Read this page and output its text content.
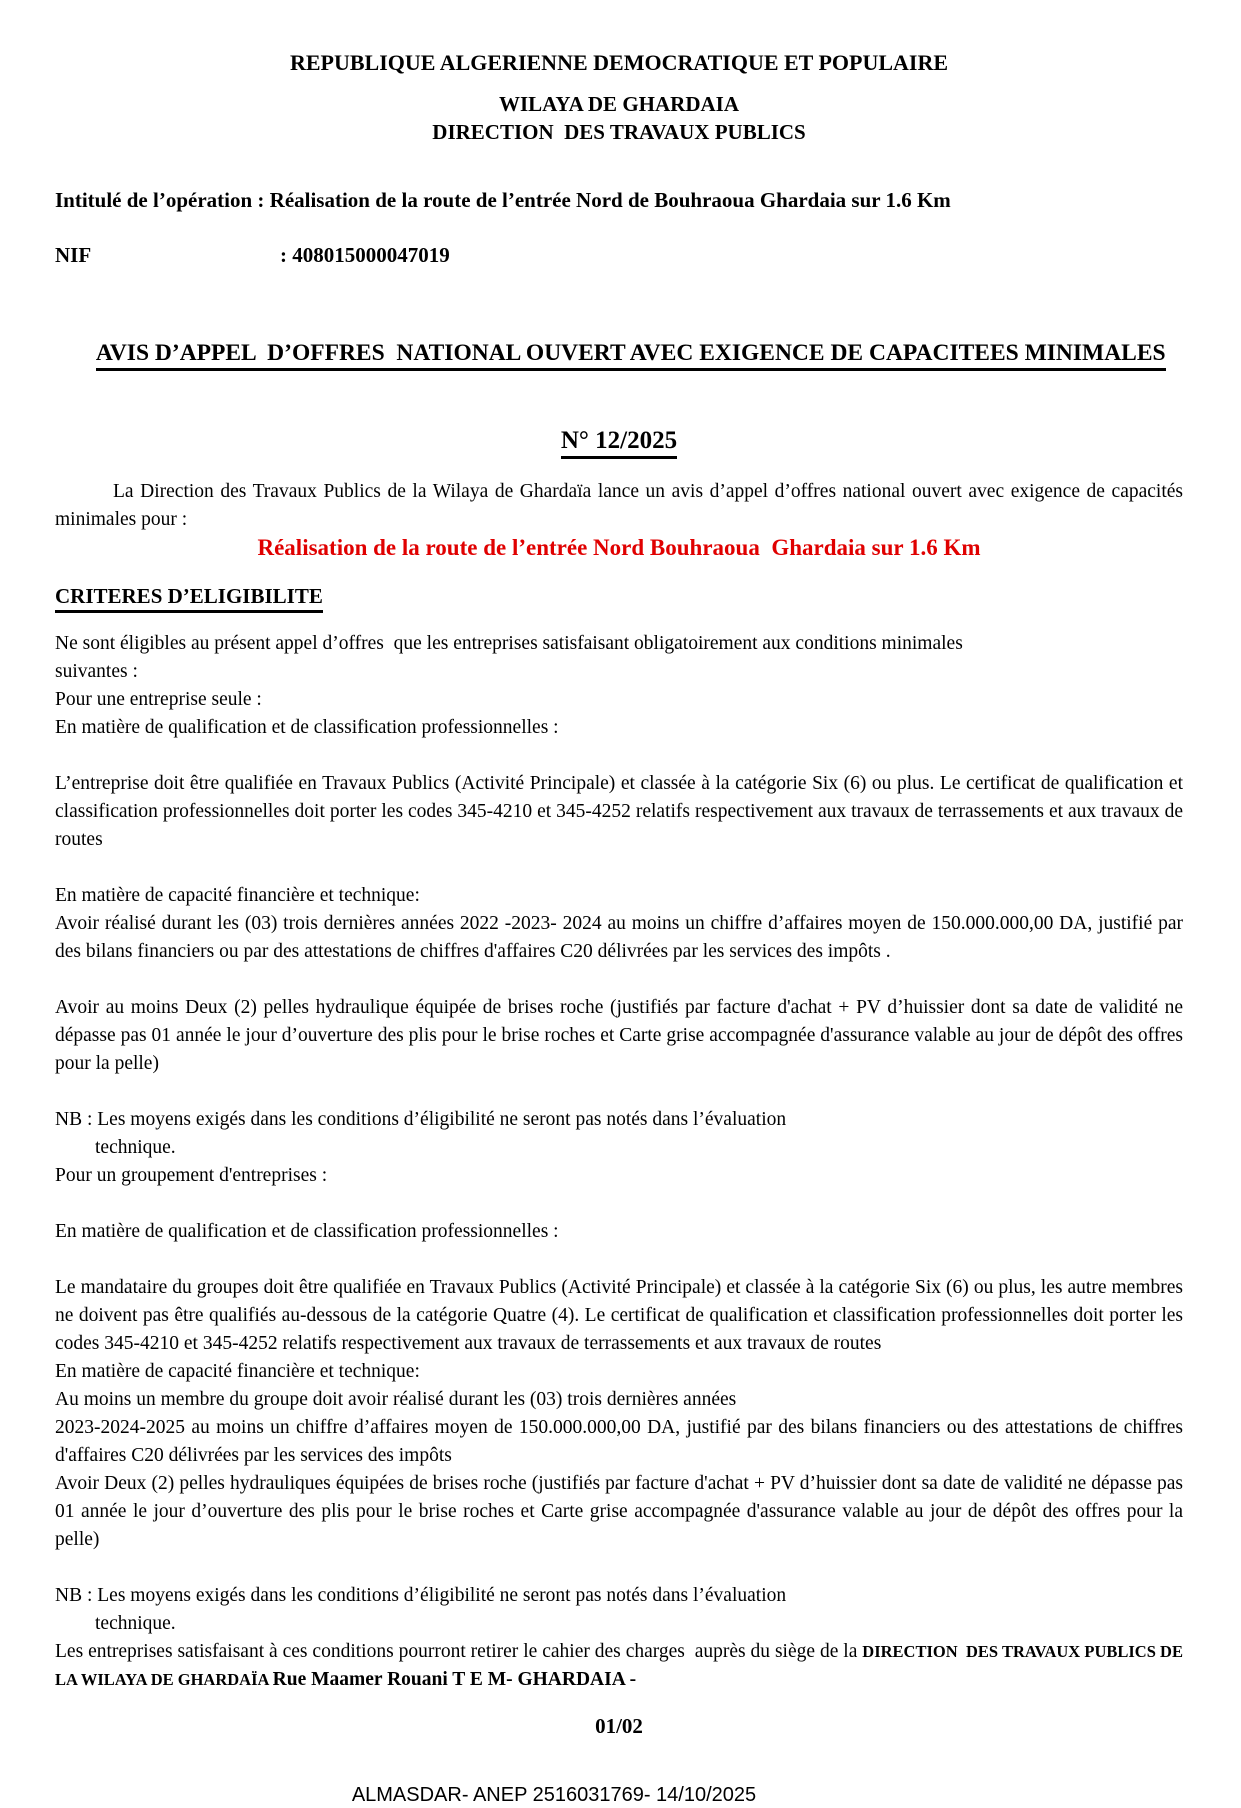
REPUBLIQUE ALGERIENNE DEMOCRATIQUE ET POPULAIRE
WILAYA DE GHARDAIA
DIRECTION  DES TRAVAUX PUBLICS
Intitulé de l’opération : Réalisation de la route de l’entrée Nord de Bouhraoua Ghardaia sur 1.6 Km
NIF	: 408015000047019

AVIS D’APPEL  D’OFFRES  NATIONAL OUVERT AVEC EXIGENCE DE CAPACITEES MINIMALES

N° 12/2025
La Direction des Travaux Publics de la Wilaya de Ghardaïa lance un avis d’appel d’offres national ouvert avec exigence de capacités minimales pour :
Réalisation de la route de l’entrée Nord Bouhraoua  Ghardaia sur 1.6 Km
CRITERES D’ELIGIBILITE
Ne sont éligibles au présent appel d’offres  que les entreprises satisfaisant obligatoirement aux conditions minimales
suivantes :
Pour une entreprise seule :
En matière de qualification et de classification professionnelles :
L’entreprise doit être qualifiée en Travaux Publics (Activité Principale) et classée à la catégorie Six (6) ou plus. Le certificat de qualification et classification professionnelles doit porter les codes 345-4210 et 345-4252 relatifs respectivement aux travaux de terrassements et aux travaux de routes
En matière de capacité financière et technique:
Avoir réalisé durant les (03) trois dernières années 2022 -2023- 2024 au moins un chiffre d’affaires moyen de 150.000.000,00 DA, justifié par des bilans financiers ou par des attestations de chiffres d'affaires C20 délivrées par les services des impôts .
Avoir au moins Deux (2) pelles hydraulique équipée de brises roche (justifiés par facture d'achat + PV d’huissier dont sa date de validité ne dépasse pas 01 année le jour d’ouverture des plis pour le brise roches et Carte grise accompagnée d'assurance valable au jour de dépôt des offres pour la pelle)
NB : Les moyens exigés dans les conditions d’éligibilité ne seront pas notés dans l’évaluation
technique.
Pour un groupement d'entreprises :
En matière de qualification et de classification professionnelles :
Le mandataire du groupes doit être qualifiée en Travaux Publics (Activité Principale) et classée à la catégorie Six (6) ou plus, les autre membres ne doivent pas être qualifiés au-dessous de la catégorie Quatre (4). Le certificat de qualification et classification professionnelles doit porter les codes 345-4210 et 345-4252 relatifs respectivement aux travaux de terrassements et aux travaux de routes
En matière de capacité financière et technique:
Au moins un membre du groupe doit avoir réalisé durant les (03) trois dernières années
2023-2024-2025 au moins un chiffre d’affaires moyen de 150.000.000,00 DA, justifié par des bilans financiers ou des attestations de chiffres d'affaires C20 délivrées par les services des impôts
Avoir Deux (2) pelles hydrauliques équipées de brises roche (justifiés par facture d'achat + PV d’huissier dont sa date de validité ne dépasse pas 01 année le jour d’ouverture des plis pour le brise roches et Carte grise accompagnée d'assurance valable au jour de dépôt des offres pour la pelle)
NB : Les moyens exigés dans les conditions d’éligibilité ne seront pas notés dans l’évaluation
technique.
Les entreprises satisfaisant à ces conditions pourront retirer le cahier des charges  auprès du siège de la DIRECTION  DES TRAVAUX PUBLICS DE LA WILAYA DE GHARDAÏA Rue Maamer Rouani T E M- GHARDAIA -
01/02
ALMASDAR- ANEP 2516031769- 14/10/2025
